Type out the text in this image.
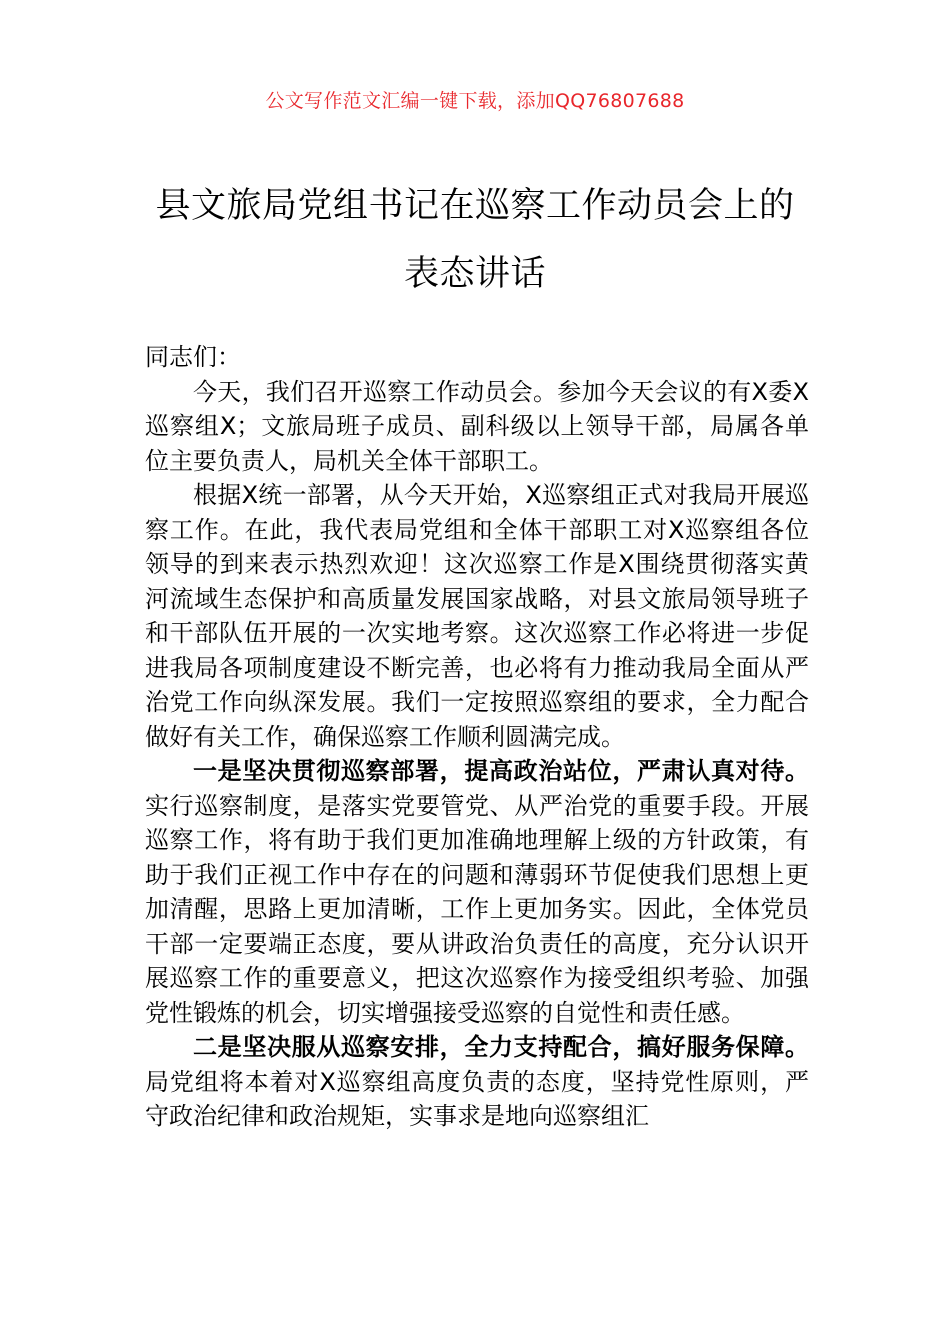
公文写作范文汇编一键下载，添加QQ76807688
县文旅局党组书记在巡察工作动员会上的
表态讲话

同志们：

今天，我们召开巡察工作动员会。参加今天会议的有X委X巡察组X；文旅局班子成员、副科级以上领导干部，局属各单位主要负责人，局机关全体干部职工。

根据X统一部署，从今天开始，X巡察组正式对我局开展巡察工作。在此，我代表局党组和全体干部职工对X巡察组各位领导的到来表示热烈欢迎！这次巡察工作是X围绕贯彻落实黄河流域生态保护和高质量发展国家战略，对县文旅局领导班子和干部队伍开展的一次实地考察。这次巡察工作必将进一步促进我局各项制度建设不断完善，也必将有力推动我局全面从严治党工作向纵深发展。我们一定按照巡察组的要求，全力配合做好有关工作，确保巡察工作顺利圆满完成。

一是坚决贯彻巡察部署，提高政治站位，严肃认真对待。实行巡察制度，是落实党要管党、从严治党的重要手段。开展巡察工作，将有助于我们更加准确地理解上级的方针政策，有助于我们正视工作中存在的问题和薄弱环节促使我们思想上更加清醒，思路上更加清晰，工作上更加务实。因此，全体党员干部一定要端正态度，要从讲政治负责任的高度，充分认识开展巡察工作的重要意义，把这次巡察作为接受组织考验、加强党性锻炼的机会，切实增强接受巡察的自觉性和责任感。

二是坚决服从巡察安排，全力支持配合，搞好服务保障。局党组将本着对X巡察组高度负责的态度，坚持党性原则，严守政治纪律和政治规矩，实事求是地向巡察组汇
